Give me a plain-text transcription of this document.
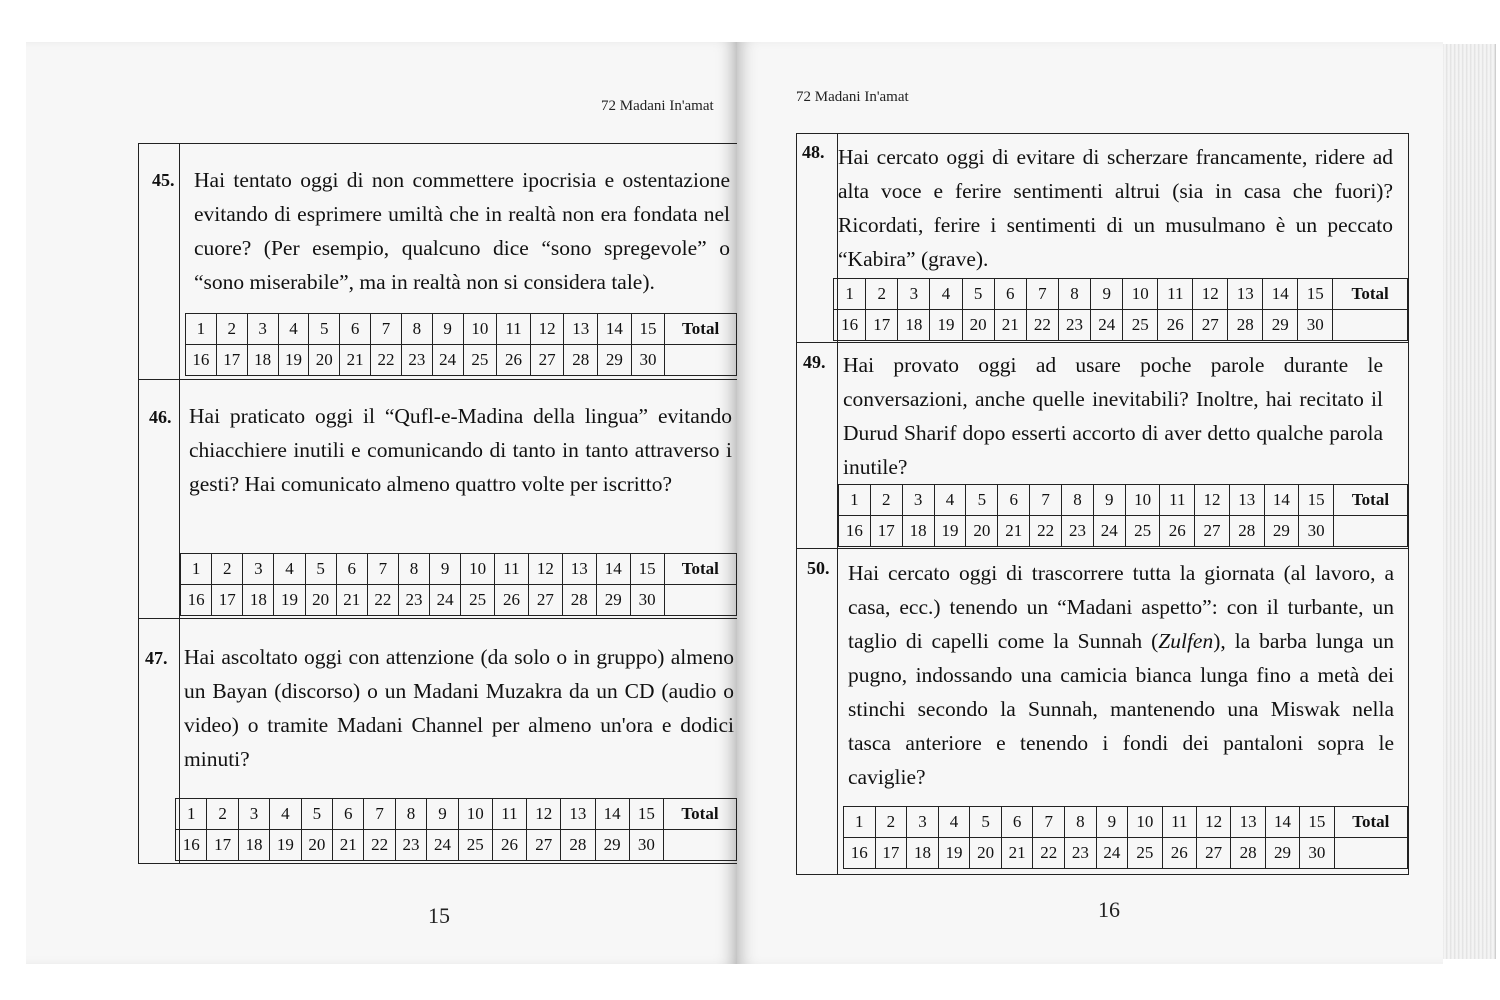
72 Madani In'amat
72 Madani In'amat
45. Hai tentato oggi di non commettere ipocrisia e ostentazione evitando di esprimere umiltà che in realtà non era fondata nel cuore? (Per esempio, qualcuno dice “sono spregevole” o “sono miserabile”, ma in realtà non si considera tale).
1	2	3	4	5	6	7	8	9	10	11	12	13	14	15	Total
16	17	18	19	20	21	22	23	24	25	26	27	28	29	30	
46. Hai praticato oggi il “Qufl-e-Madina della lingua” evitando chiacchiere inutili e comunicando di tanto in tanto attraverso i gesti? Hai comunicato almeno quattro volte per iscritto?
1	2	3	4	5	6	7	8	9	10	11	12	13	14	15	Total
16	17	18	19	20	21	22	23	24	25	26	27	28	29	30	
47. Hai ascoltato oggi con attenzione (da solo o in gruppo) almeno un Bayan (discorso) o un Madani Muzakra da un CD (audio o video) o tramite Madani Channel per almeno un'ora e dodici minuti?
1	2	3	4	5	6	7	8	9	10	11	12	13	14	15	Total
16	17	18	19	20	21	22	23	24	25	26	27	28	29	30	
48. Hai cercato oggi di evitare di scherzare francamente, ridere ad alta voce e ferire sentimenti altrui (sia in casa che fuori)? Ricordati, ferire i sentimenti di un musulmano è un peccato “Kabira” (grave).
1	2	3	4	5	6	7	8	9	10	11	12	13	14	15	Total
16	17	18	19	20	21	22	23	24	25	26	27	28	29	30	
49. Hai provato oggi ad usare poche parole durante le conversazioni, anche quelle inevitabili? Inoltre, hai recitato il Durud Sharif dopo esserti accorto di aver detto qualche parola inutile?
1	2	3	4	5	6	7	8	9	10	11	12	13	14	15	Total
16	17	18	19	20	21	22	23	24	25	26	27	28	29	30	
50. Hai cercato oggi di trascorrere tutta la giornata (al lavoro, a casa, ecc.) tenendo un “Madani aspetto”: con il turbante, un taglio di capelli come la Sunnah (Zulfen), la barba lunga un pugno, indossando una camicia bianca lunga fino a metà dei stinchi secondo la Sunnah, mantenendo una Miswak nella tasca anteriore e tenendo i fondi dei pantaloni sopra le caviglie?
1	2	3	4	5	6	7	8	9	10	11	12	13	14	15	Total
16	17	18	19	20	21	22	23	24	25	26	27	28	29	30	
15	16
